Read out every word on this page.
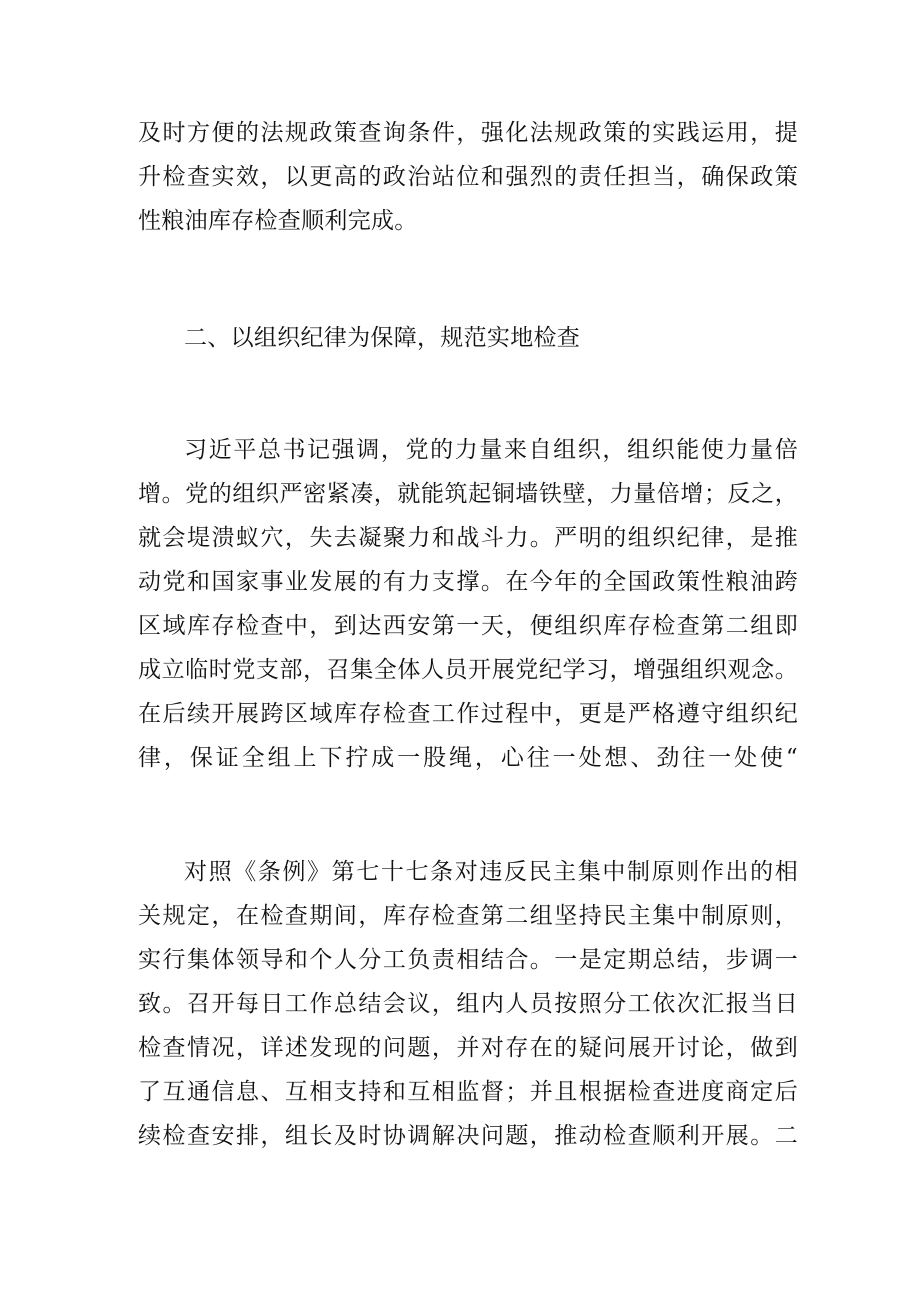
及时方便的法规政策查询条件，强化法规政策的实践运用，提
升检查实效，以更高的政治站位和强烈的责任担当，确保政策
性粮油库存检查顺利完成。
二、以组织纪律为保障，规范实地检查
习近平总书记强调，党的力量来自组织，组织能使力量倍
增。党的组织严密紧凑，就能筑起铜墙铁壁，力量倍增；反之，
就会堤溃蚁穴，失去凝聚力和战斗力。严明的组织纪律，是推
动党和国家事业发展的有力支撑。在今年的全国政策性粮油跨
区域库存检查中，到达西安第一天，便组织库存检查第二组即
成立临时党支部，召集全体人员开展党纪学习，增强组织观念。
在后续开展跨区域库存检查工作过程中，更是严格遵守组织纪
律，保证全组上下拧成一股绳，心往一处想、劲往一处使“
对照《条例》第七十七条对违反民主集中制原则作出的相
关规定，在检查期间，库存检查第二组坚持民主集中制原则，
实行集体领导和个人分工负责相结合。一是定期总结，步调一
致。召开每日工作总结会议，组内人员按照分工依次汇报当日
检查情况，详述发现的问题，并对存在的疑问展开讨论，做到
了互通信息、互相支持和互相监督；并且根据检查进度商定后
续检查安排，组长及时协调解决问题，推动检查顺利开展。二
